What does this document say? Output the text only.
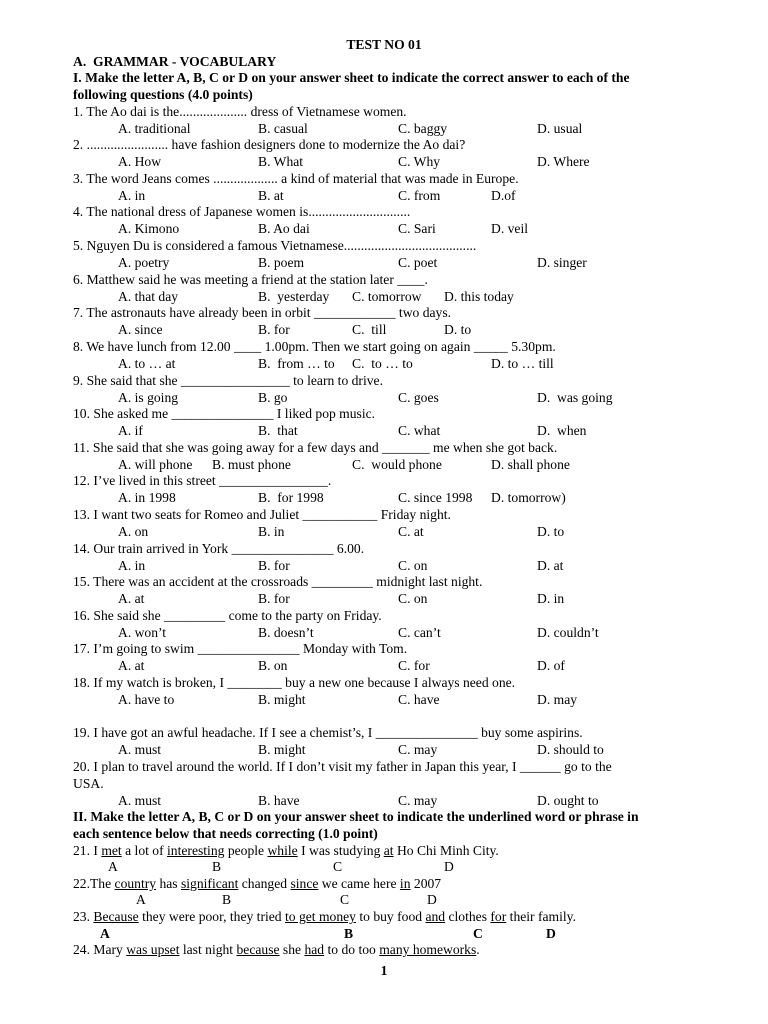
TEST NO 01
A.  GRAMMAR - VOCABULARY
I. Make the letter A, B, C or D on your answer sheet to indicate the correct answer to each of the
following questions (4.0 points)
1. The Ao dai is the.................... dress of Vietnamese women.
A. traditional	B. casual	C. baggy	D. usual
2. ........................ have fashion designers done to modernize the Ao dai?
A. How	B. What	C. Why	D. Where
3. The word Jeans comes ................... a kind of material that was made in Europe.
A. in	B. at	C. from	D.of
4. The national dress of Japanese women is..............................
A. Kimono	B. Ao dai	C. Sari	D. veil
5. Nguyen Du is considered a famous Vietnamese.......................................
A. poetry	B. poem	C. poet	D. singer
6. Matthew said he was meeting a friend at the station later ____.
A. that day	B.  yesterday C. tomorrow D. this today
7. The astronauts have already been in orbit ____________ two days.
A. since	B. for	C.  till	D. to
8. We have lunch from 12.00 ____ 1.00pm. Then we start going on again _____ 5.30pm.
A. to … at	B.  from … to C.  to … to	D. to … till
9. She said that she ________________ to learn to drive.
A. is going	B. go	C. goes	D.  was going
10. She asked me _______________ I liked pop music.
A. if	B.  that	C. what	D.  when
11. She said that she was going away for a few days and _______ me when she got back.
A. will phone B. must phone	C.  would phone	D. shall phone
12. I’ve lived in this street ________________.
A. in 1998	B.  for 1998	C. since 1998 D. tomorrow)
13. I want two seats for Romeo and Juliet ___________ Friday night.
A. on	B. in	C. at	D. to
14. Our train arrived in York _______________ 6.00.
A. in	B. for	C. on	D. at
15. There was an accident at the crossroads _________ midnight last night.
A. at	B. for	C. on	D. in
16. She said she _________ come to the party on Friday.
A. won’t	B. doesn’t	C. can’t	D. couldn’t
17. I’m going to swim _______________ Monday with Tom.
A. at	B. on	C. for	D. of
18. If my watch is broken, I ________ buy a new one because I always need one.
A. have to	B. might	C. have	D. may
19. I have got an awful headache. If I see a chemist’s, I _______________ buy some aspirins.
A. must	B. might	C. may	D. should to
20. I plan to travel around the world. If I don’t visit my father in Japan this year, I ______ go to the
USA.
A. must	B. have	C. may	D. ought to
II. Make the letter A, B, C or D on your answer sheet to indicate the underlined word or phrase in
each sentence below that needs correcting (1.0 point)
21. I met a lot of interesting people while I was studying at Ho Chi Minh City.
A	B	C	D
22.The country has significant changed since we came here in 2007
A	B	C	D
23. Because they were poor, they tried to get money to buy food and clothes for their family.
A	B	C	D
24. Mary was upset last night because she had to do too many homeworks.
1
